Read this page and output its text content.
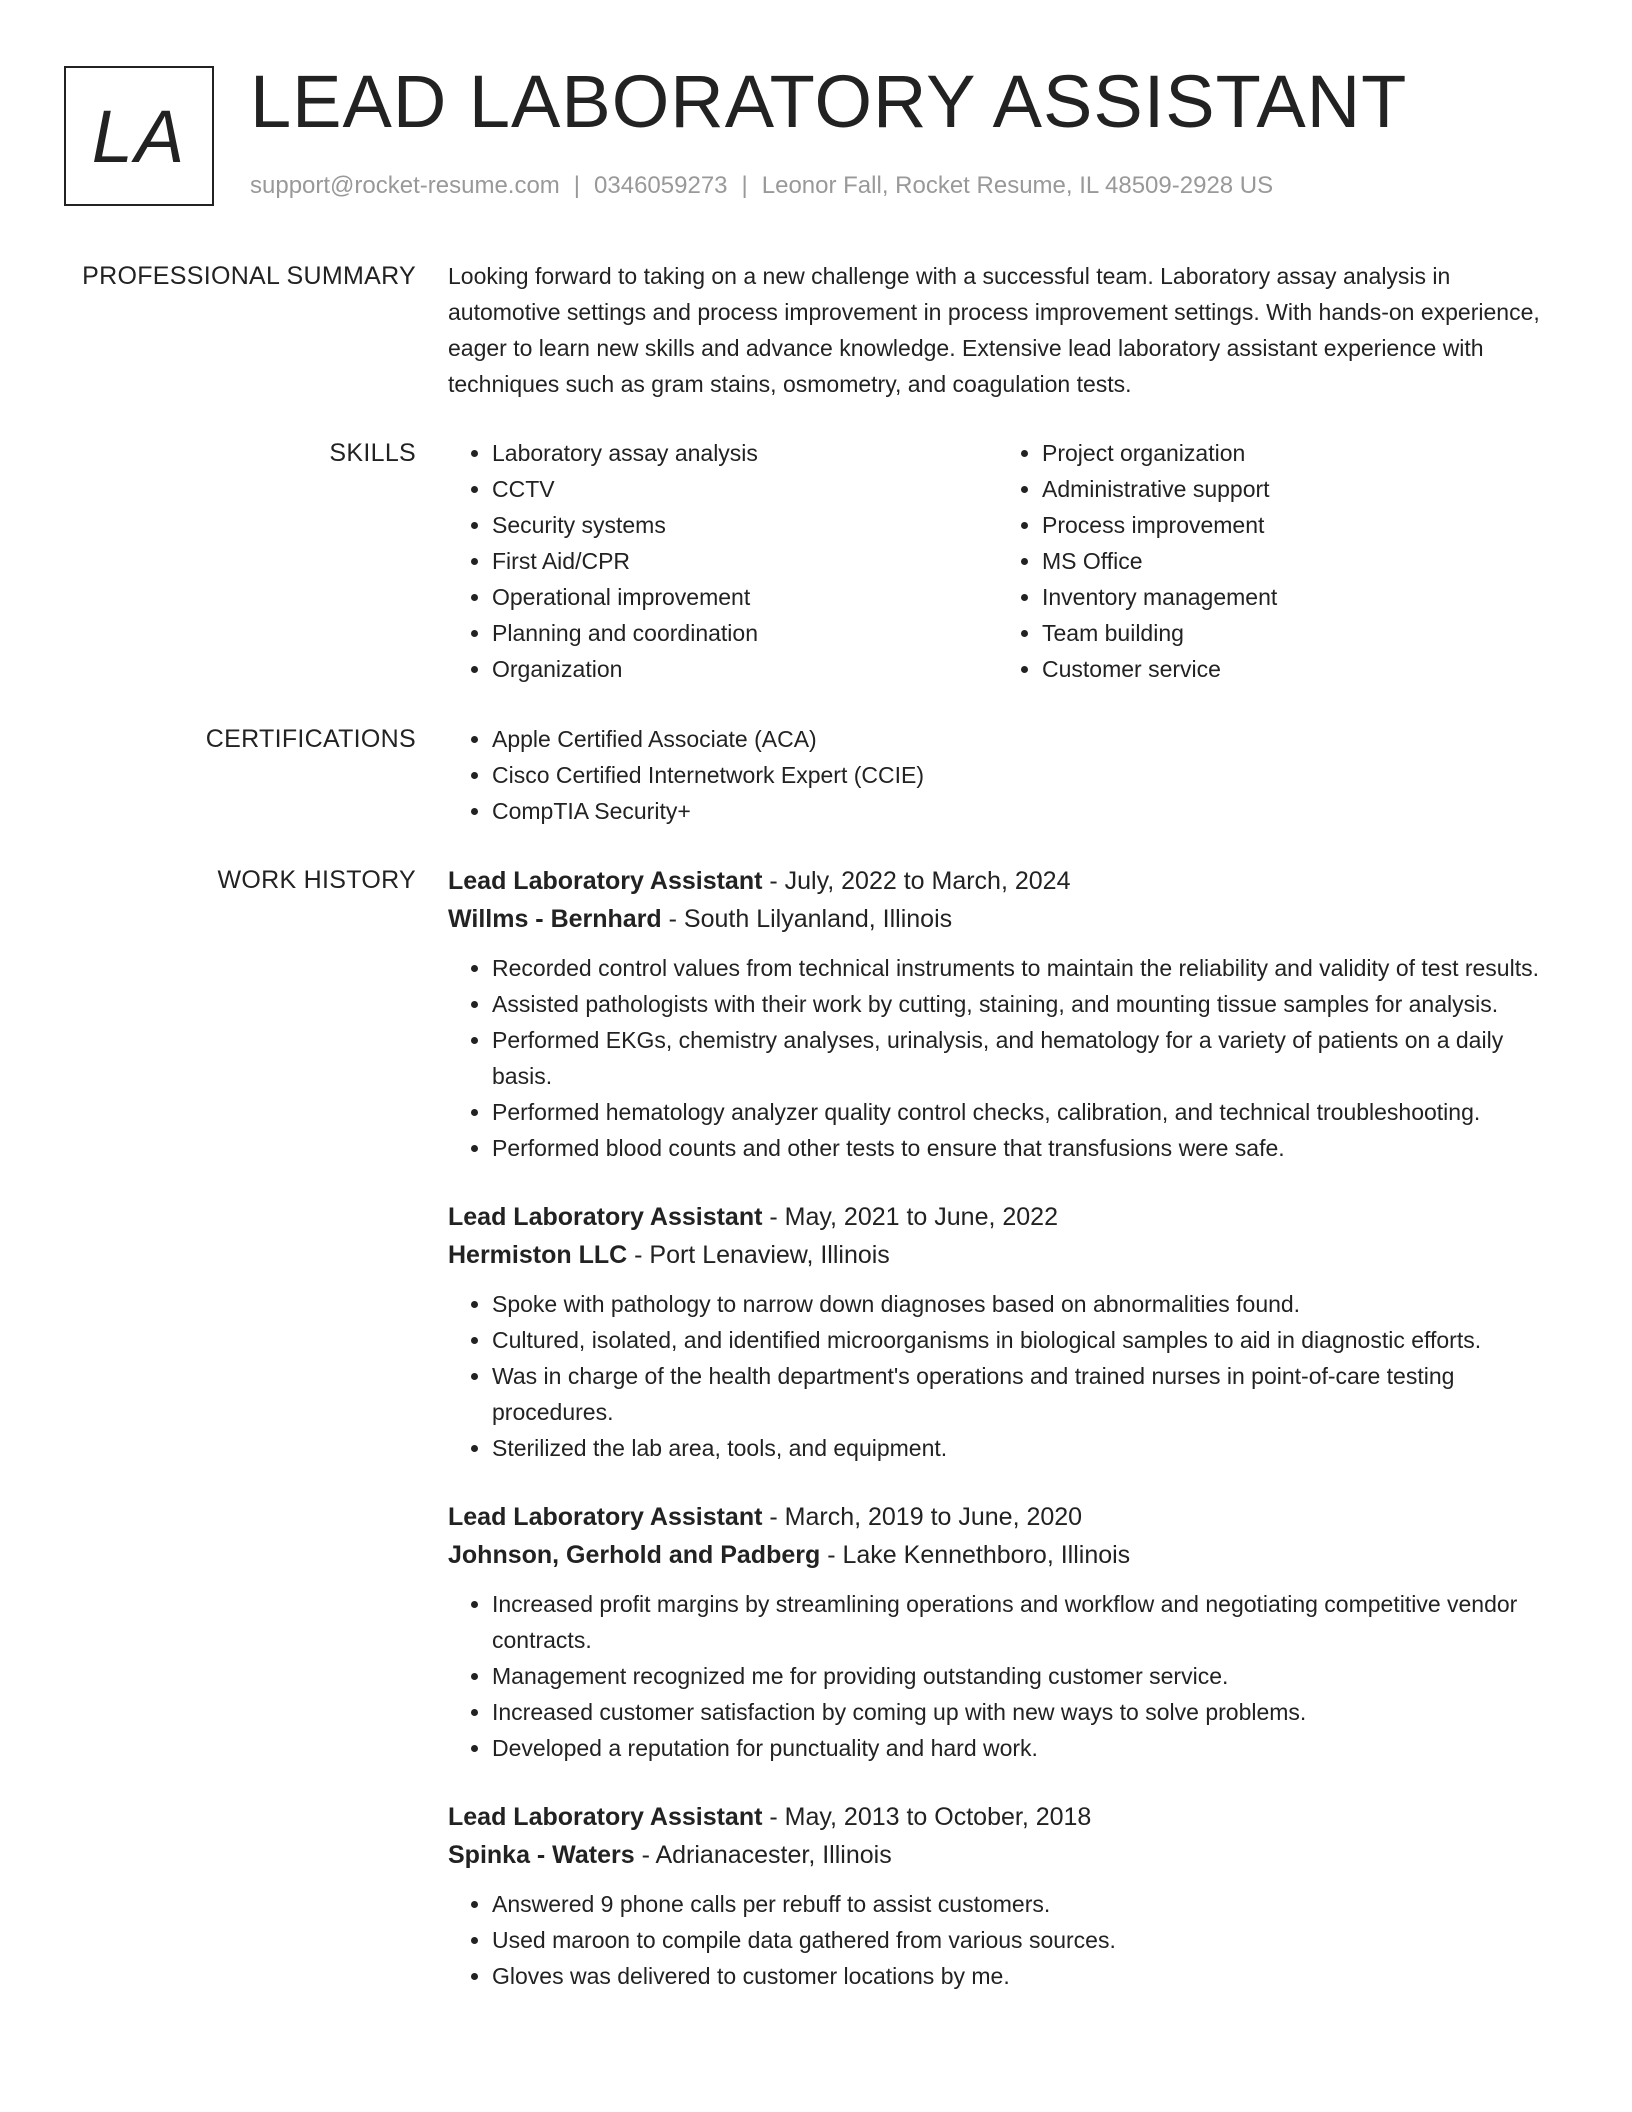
LA LEAD LABORATORY ASSISTANT
support@rocket-resume.com | 0346059273 | Leonor Fall, Rocket Resume, IL 48509-2928 US
PROFESSIONAL SUMMARY Looking forward to taking on a new challenge with a successful team. Laboratory assay analysis in automotive settings and process improvement in process improvement settings. With hands-on experience, eager to learn new skills and advance knowledge. Extensive lead laboratory assistant experience with techniques such as gram stains, osmometry, and coagulation tests.
SKILLS	• Laboratory assay analysis
• CCTV
• Security systems
• First Aid/CPR
• Operational improvement
• Planning and coordination
• Organization
• Project organization
• Administrative support
• Process improvement
• MS Office
• Inventory management
• Team building
• Customer service
CERTIFICATIONS	• Apple Certified Associate (ACA)
• Cisco Certified Internetwork Expert (CCIE)
• CompTIA Security+
WORK HISTORY Lead Laboratory Assistant - July, 2022 to March, 2024
Willms - Bernhard - South Lilyanland, Illinois
• Recorded control values from technical instruments to maintain the reliability and validity of test results.
• Assisted pathologists with their work by cutting, staining, and mounting tissue samples for analysis.
• Performed EKGs, chemistry analyses, urinalysis, and hematology for a variety of patients on a daily basis.
• Performed hematology analyzer quality control checks, calibration, and technical troubleshooting.
• Performed blood counts and other tests to ensure that transfusions were safe.
Lead Laboratory Assistant - May, 2021 to June, 2022
Hermiston LLC - Port Lenaview, Illinois
• Spoke with pathology to narrow down diagnoses based on abnormalities found.
• Cultured, isolated, and identified microorganisms in biological samples to aid in diagnostic efforts.
• Was in charge of the health department's operations and trained nurses in point-of-care testing procedures.
• Sterilized the lab area, tools, and equipment.
Lead Laboratory Assistant - March, 2019 to June, 2020
Johnson, Gerhold and Padberg - Lake Kennethboro, Illinois
• Increased profit margins by streamlining operations and workflow and negotiating competitive vendor contracts.
• Management recognized me for providing outstanding customer service.
• Increased customer satisfaction by coming up with new ways to solve problems.
• Developed a reputation for punctuality and hard work.
Lead Laboratory Assistant - May, 2013 to October, 2018
Spinka - Waters - Adrianacester, Illinois
• Answered 9 phone calls per rebuff to assist customers.
• Used maroon to compile data gathered from various sources.
• Gloves was delivered to customer locations by me.
